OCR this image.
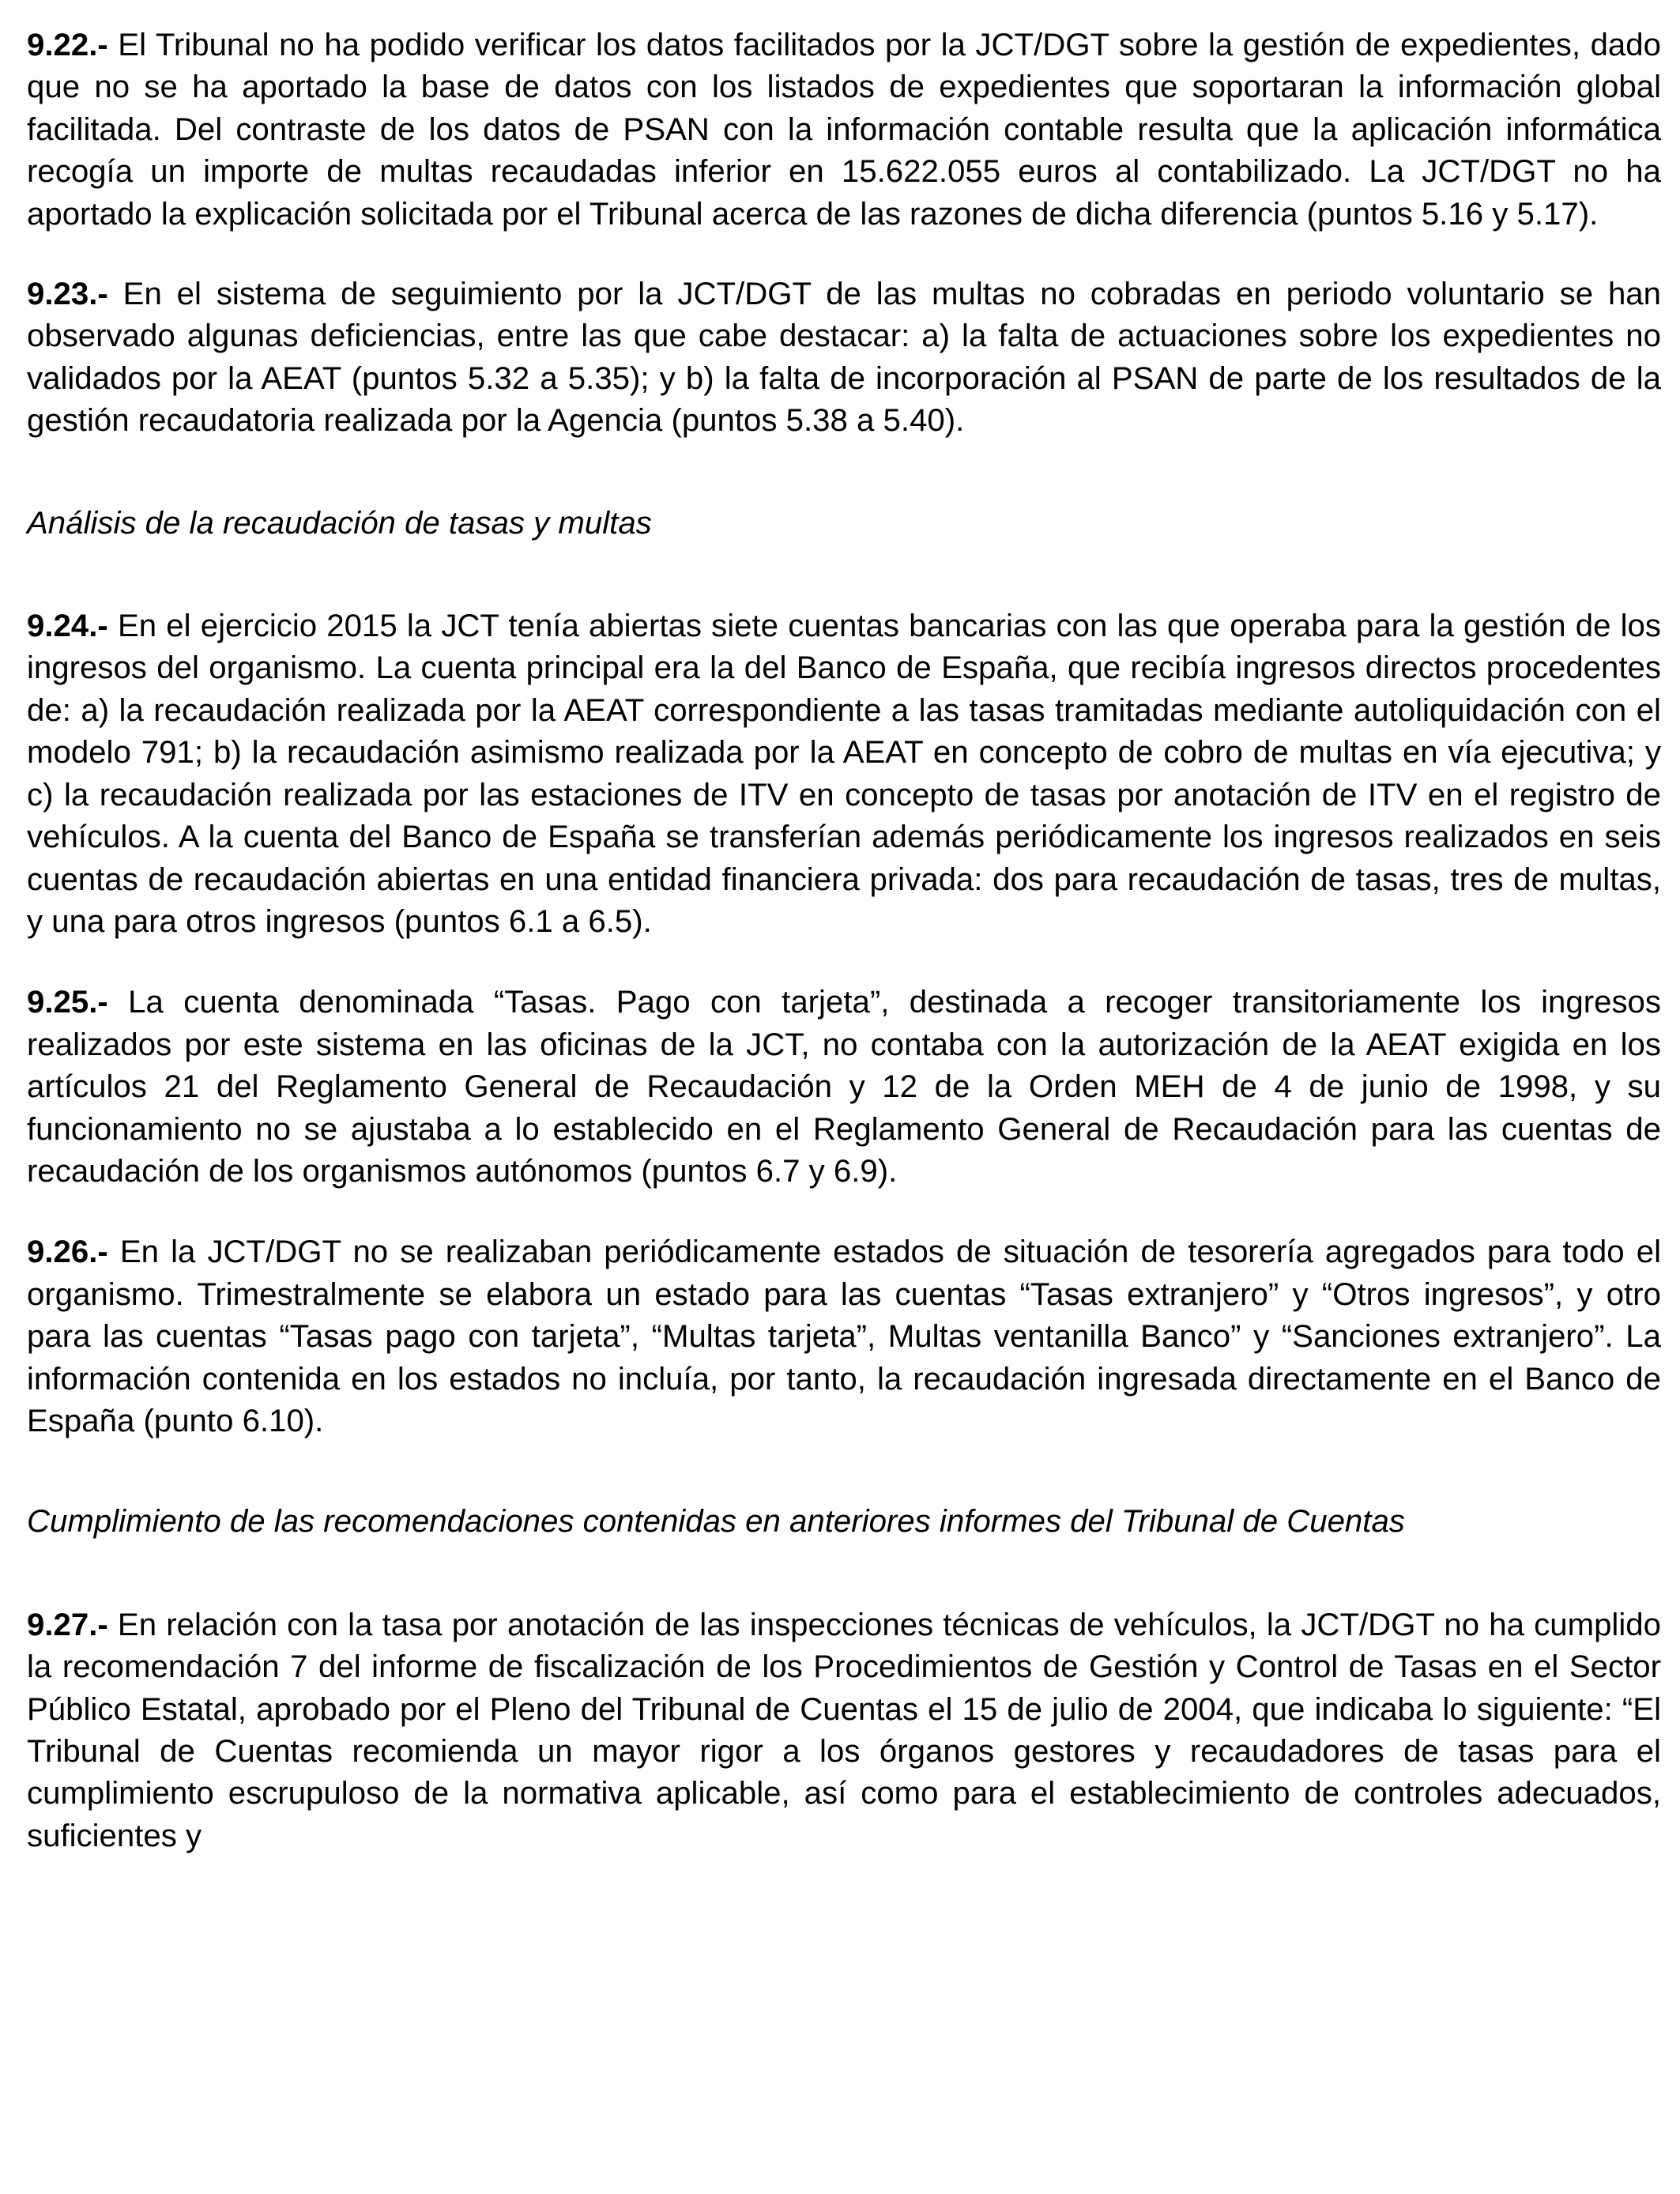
9.22.- El Tribunal no ha podido verificar los datos facilitados por la JCT/DGT sobre la gestión de expedientes, dado que no se ha aportado la base de datos con los listados de expedientes que soportaran la información global facilitada. Del contraste de los datos de PSAN con la información contable resulta que la aplicación informática recogía un importe de multas recaudadas inferior en 15.622.055 euros al contabilizado. La JCT/DGT no ha aportado la explicación solicitada por el Tribunal acerca de las razones de dicha diferencia (puntos 5.16 y 5.17).

9.23.- En el sistema de seguimiento por la JCT/DGT de las multas no cobradas en periodo voluntario se han observado algunas deficiencias, entre las que cabe destacar: a) la falta de actuaciones sobre los expedientes no validados por la AEAT (puntos 5.32 a 5.35); y b) la falta de incorporación al PSAN de parte de los resultados de la gestión recaudatoria realizada por la Agencia (puntos 5.38 a 5.40).

Análisis de la recaudación de tasas y multas

9.24.- En el ejercicio 2015 la JCT tenía abiertas siete cuentas bancarias con las que operaba para la gestión de los ingresos del organismo. La cuenta principal era la del Banco de España, que recibía ingresos directos procedentes de: a) la recaudación realizada por la AEAT correspondiente a las tasas tramitadas mediante autoliquidación con el modelo 791; b) la recaudación asimismo realizada por la AEAT en concepto de cobro de multas en vía ejecutiva; y c) la recaudación realizada por las estaciones de ITV en concepto de tasas por anotación de ITV en el registro de vehículos. A la cuenta del Banco de España se transferían además periódicamente los ingresos realizados en seis cuentas de recaudación abiertas en una entidad financiera privada: dos para recaudación de tasas, tres de multas, y una para otros ingresos (puntos 6.1 a 6.5).

9.25.- La cuenta denominada “Tasas. Pago con tarjeta”, destinada a recoger transitoriamente los ingresos realizados por este sistema en las oficinas de la JCT, no contaba con la autorización de la AEAT exigida en los artículos 21 del Reglamento General de Recaudación y 12 de la Orden MEH de 4 de junio de 1998, y su funcionamiento no se ajustaba a lo establecido en el Reglamento General de Recaudación para las cuentas de recaudación de los organismos autónomos (puntos 6.7 y 6.9).

9.26.- En la JCT/DGT no se realizaban periódicamente estados de situación de tesorería agregados para todo el organismo. Trimestralmente se elabora un estado para las cuentas “Tasas extranjero” y “Otros ingresos”, y otro para las cuentas “Tasas pago con tarjeta”, “Multas tarjeta”, Multas ventanilla Banco” y “Sanciones extranjero”. La información contenida en los estados no incluía, por tanto, la recaudación ingresada directamente en el Banco de España (punto 6.10).

Cumplimiento de las recomendaciones contenidas en anteriores informes del Tribunal de Cuentas

9.27.- En relación con la tasa por anotación de las inspecciones técnicas de vehículos, la JCT/DGT no ha cumplido la recomendación 7 del informe de fiscalización de los Procedimientos de Gestión y Control de Tasas en el Sector Público Estatal, aprobado por el Pleno del Tribunal de Cuentas el 15 de julio de 2004, que indicaba lo siguiente: “El Tribunal de Cuentas recomienda un mayor rigor a los órganos gestores y recaudadores de tasas para el cumplimiento escrupuloso de la normativa aplicable, así como para el establecimiento de controles adecuados, suficientes y
